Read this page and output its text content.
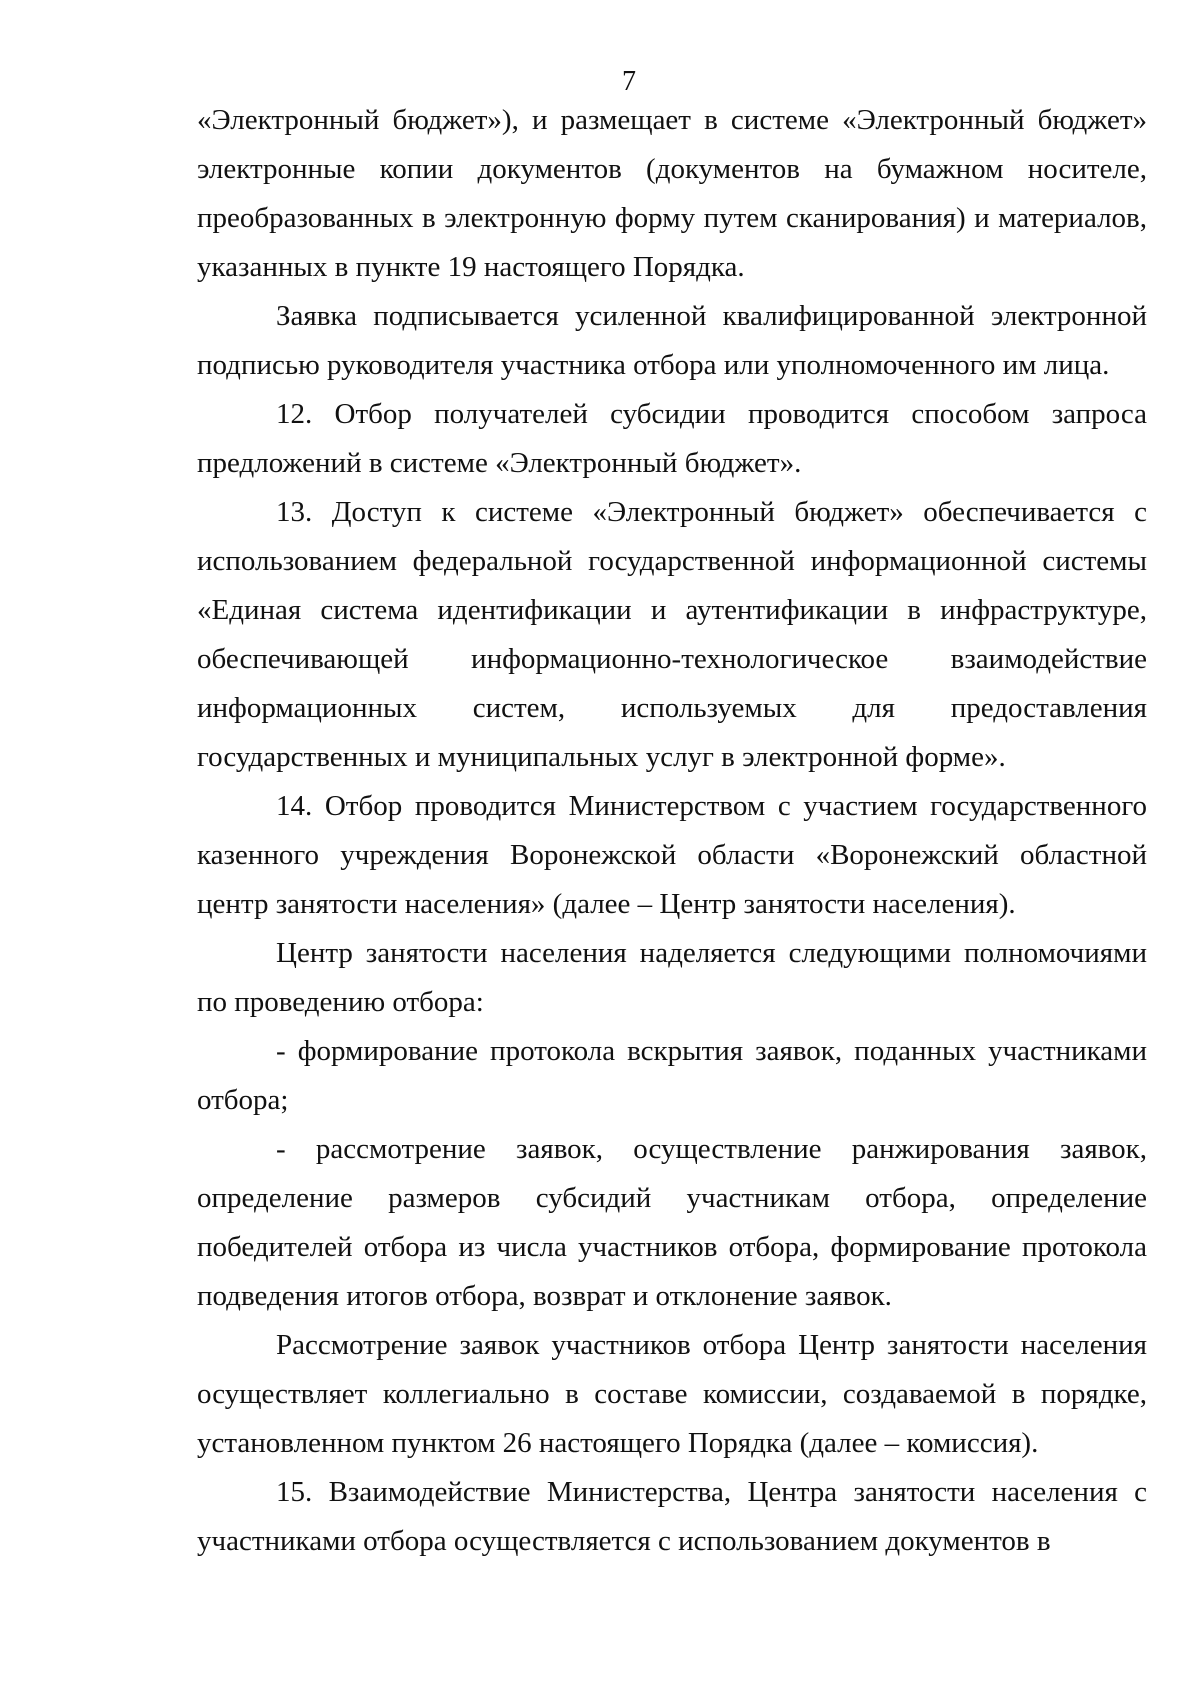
7

«Электронный бюджет»), и размещает в системе «Электронный бюджет» электронные копии документов (документов на бумажном носителе, преобразованных в электронную форму путем сканирования) и материалов, указанных в пункте 19 настоящего Порядка.

Заявка подписывается усиленной квалифицированной электронной подписью руководителя участника отбора или уполномоченного им лица.

12. Отбор получателей субсидии проводится способом запроса предложений в системе «Электронный бюджет».

13. Доступ к системе «Электронный бюджет» обеспечивается с использованием федеральной государственной информационной системы «Единая система идентификации и аутентификации в инфраструктуре, обеспечивающей информационно-технологическое взаимодействие информационных систем, используемых для предоставления государственных и муниципальных услуг в электронной форме».

14. Отбор проводится Министерством с участием государственного казенного учреждения Воронежской области «Воронежский областной центр занятости населения» (далее – Центр занятости населения).

Центр занятости населения наделяется следующими полномочиями по проведению отбора:

- формирование протокола вскрытия заявок, поданных участниками отбора;

- рассмотрение заявок, осуществление ранжирования заявок, определение размеров субсидий участникам отбора, определение победителей отбора из числа участников отбора, формирование протокола подведения итогов отбора, возврат и отклонение заявок.

Рассмотрение заявок участников отбора Центр занятости населения осуществляет коллегиально в составе комиссии, создаваемой в порядке, установленном пунктом 26 настоящего Порядка (далее – комиссия).

15. Взаимодействие Министерства, Центра занятости населения с участниками отбора осуществляется с использованием документов в
